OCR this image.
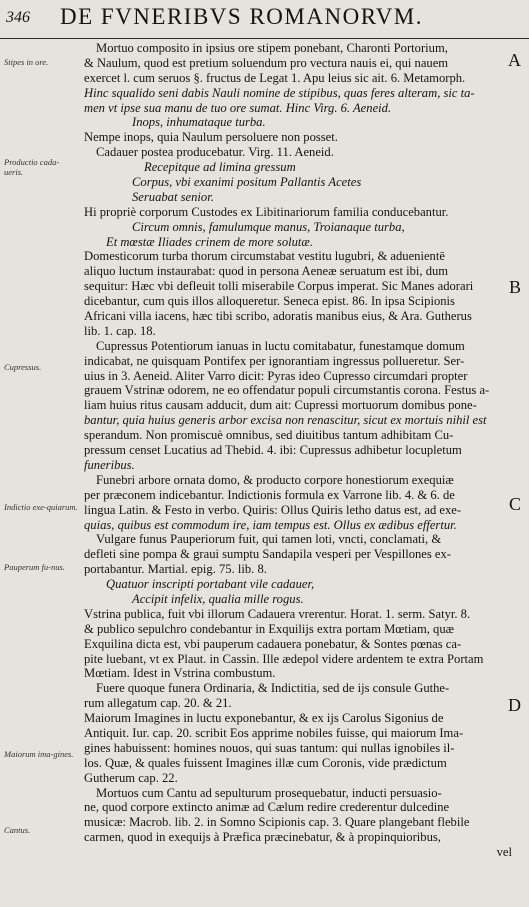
346 DE FVNERIBVS ROMANORVM.
Stipes in ore.
Productio cada-ueris.
Cupressus.
Indictio exe-quiarum.
Pauperum fu-nus.
Maiorum ima-gines.
Cantus.
A
B
C
D
Mortuo composito in ipsius ore stipem ponebant, Charonti Portorium,
& Naulum, quod est pretium soluendum pro vectura nauis ei, qui nauem
exercet l. cum seruos §. fructus de Legat 1. Apu leius sic ait. 6. Metamorph.
Hinc squalido seni dabis Nauli nomine de stipibus, quas feres alteram, sic ta-
men vt ipse sua manu de tuo ore sumat. Hinc Virg. 6. Aeneid.
Inops, inhumataque turba.
Nempe inops, quia Naulum persoluere non posset.
Cadauer postea producebatur. Virg. 11. Aeneid.
Recepitque ad limina gressum
Corpus, vbi exanimi positum Pallantis Acetes
Seruabat senior.
Hi propriè corporum Custodes ex Libitinariorum familia conducebantur.
Circum omnis, famulumque manus, Troianaque turba,
Et mœstæ Iliades crinem de more solutæ.
Domesticorum turba thorum circumstabat vestitu lugubri, & aduenientē
aliquo luctum instaurabat: quod in persona Aeneæ seruatum est ibi, dum
sequitur: Hæc vbi defleuit tolli miserabile Corpus imperat. Sic Manes adorari
dicebantur, cum quis illos alloqueretur. Seneca epist. 86. In ipsa Scipionis
Africani villa iacens, hæc tibi scribo, adoratis manibus eius, & Ara. Gutherus
lib. 1. cap. 18.
Cupressus Potentiorum ianuas in luctu comitabatur, funestamque domum
indicabat, ne quisquam Pontifex per ignorantiam ingressus pollueretur. Ser-
uius in 3. Aeneid. Aliter Varro dicit: Pyras ideo Cupresso circumdari propter
grauem Vstrinæ odorem, ne eo offendatur populi circumstantis corona. Festus a-
liam huius ritus causam adducit, dum ait: Cupressi mortuorum domibus pone-
bantur, quia huius generis arbor excisa non renascitur, sicut ex mortuis nihil est
sperandum. Non promiscuè omnibus, sed diuitibus tantum adhibitam Cu-
pressum censet Lucatius ad Thebid. 4. ibi: Cupressus adhibetur locupletum
funeribus.
Funebri arbore ornata domo, & producto corpore honestiorum exequiæ
per præconem indicebantur. Indictionis formula ex Varrone lib. 4. & 6. de
lingua Latin. & Festo in verbo. Quiris: Ollus Quiris letho datus est, ad exe-
quias, quibus est commodum ire, iam tempus est. Ollus ex ædibus effertur.
Vulgare funus Pauperiorum fuit, qui tamen loti, vncti, conclamati, &
defleti sine pompa & graui sumptu Sandapila vesperi per Vespillones ex-
portabantur. Martial. epig. 75. lib. 8.
Quatuor inscripti portabant vile cadauer,
Accipit infelix, qualia mille rogus.
Vstrina publica, fuit vbi illorum Cadauera vrerentur. Horat. 1. serm. Satyr. 8.
& publico sepulchro condebantur in Exquilijs extra portam Mœtiam, quæ
Exquilina dicta est, vbi pauperum cadauera ponebatur, & Sontes pœnas ca-
pite luebant, vt ex Plaut. in Cassin. Ille ædepol videre ardentem te extra Portam
Mœtiam. Idest in Vstrina combustum.
Fuere quoque funera Ordinaria, & Indictitia, sed de ijs consule Guthe-
rum allegatum cap. 20. & 21.
Maiorum Imagines in luctu exponebantur, & ex ijs Carolus Sigonius de
Antiquit. Iur. cap. 20. scribit Eos apprime nobiles fuisse, qui maiorum Ima-
gines habuissent: homines nouos, qui suas tantum: qui nullas ignobiles il-
los. Quæ, & quales fuissent Imagines illæ cum Coronis, vide prædictum
Gutherum cap. 22.
Mortuos cum Cantu ad sepulturum prosequebatur, inducti persuasio-
ne, quod corpore extincto animæ ad Cælum redire crederentur dulcedine
musicæ: Macrob. lib. 2. in Somno Scipionis cap. 3. Quare plangebant flebile
carmen, quod in exequijs à Præfica præcinebatur, & à propinquioribus,
vel
